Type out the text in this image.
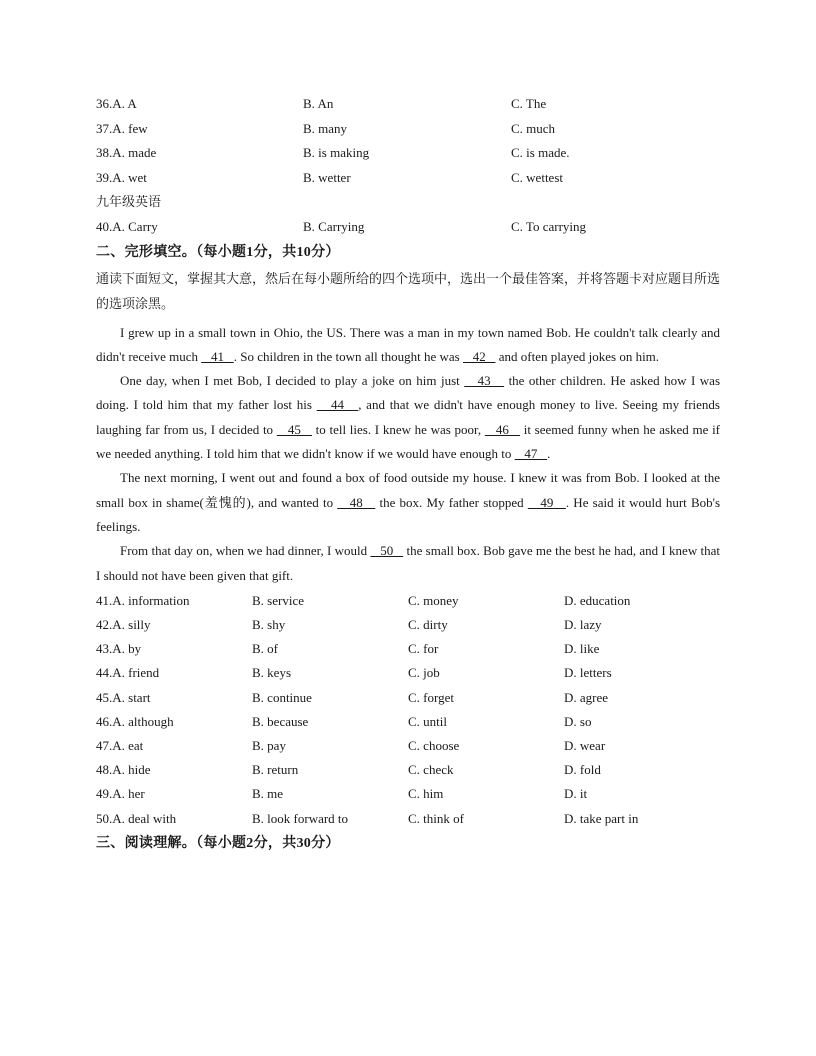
36.A. A	B. An	C. The
37.A. few	B. many	C. much
38.A. made	B. is making	C. is made.
39.A. wet	B. wetter	C. wettest
九年级英语
40.A. Carry	B. Carrying	C. To carrying
二、完形填空。（每小题1分，共10分）
通读下面短文，掌握其大意，然后在每小题所给的四个选项中，选出一个最佳答案，并将答题卡对应题目所选的选项涂黑。

I grew up in a small town in Ohio, the US. There was a man in my town named Bob. He couldn't talk clearly and didn't receive much    41   . So children in the town all thought he was    42    and often played jokes on him.

One day, when I met Bob, I decided to play a joke on him just    43    the other children. He asked how I was doing. I told him that my father lost his    44   , and that we didn't have enough money to live. Seeing my friends laughing far from us, I decided to    45    to tell lies. I knew he was poor,    46    it seemed funny when he asked me if we needed anything. I told him that we didn't know if we would have enough to    47   .

The next morning, I went out and found a box of food outside my house. I knew it was from Bob. I looked at the small box in shame(羞愧的), and wanted to    48    the box. My father stopped    49   . He said it would hurt Bob's feelings.

From that day on, when we had dinner, I would    50    the small box. Bob gave me the best he had, and I knew that I should not have been given that gift.

41.A. information	B. service	C. money	D. education
42.A. silly	B. shy	C. dirty	D. lazy
43.A. by	B. of	C. for	D. like
44.A. friend	B. keys	C. job	D. letters
45.A. start	B. continue	C. forget	D. agree
46.A. although	B. because	C. until	D. so
47.A. eat	B. pay	C. choose	D. wear
48.A. hide	B. return	C. check	D. fold
49.A. her	B. me	C. him	D. it
50.A. deal with	B. look forward to	C. think of	D. take part in
三、阅读理解。（每小题2分，共30分）
